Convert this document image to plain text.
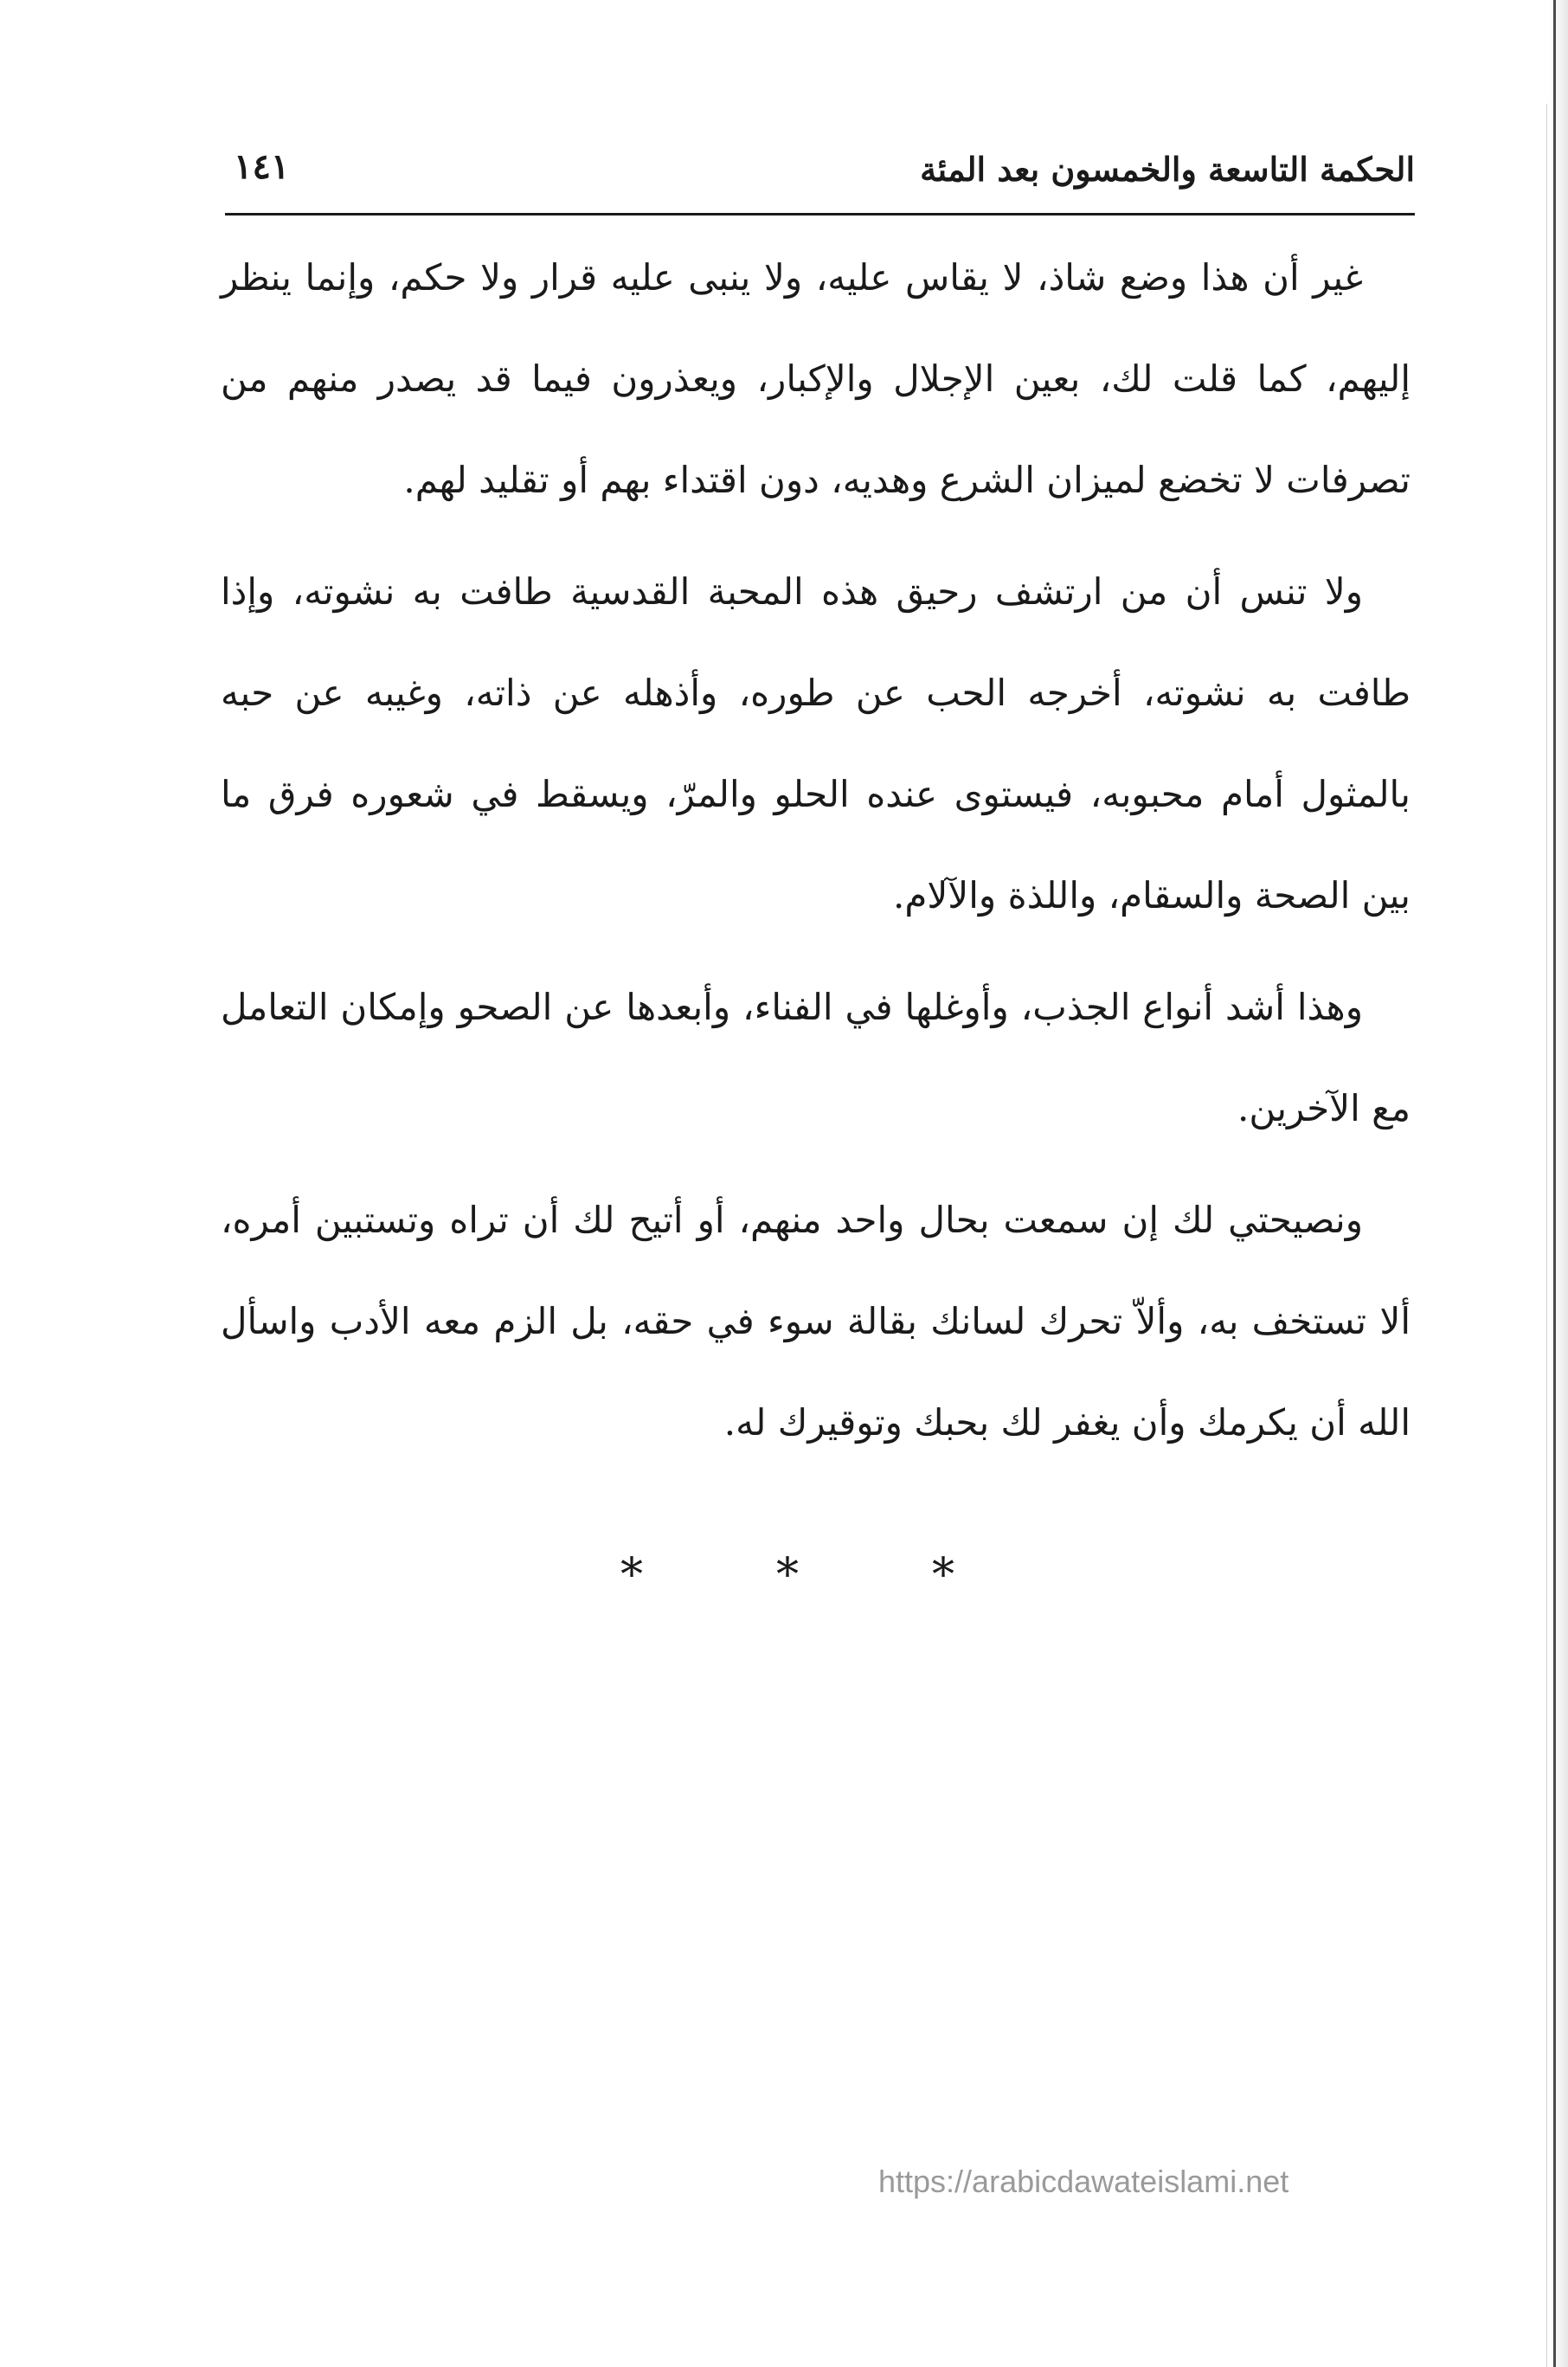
الحكمة التاسعة والخمسون بعد المئة
١٤١

غير أن هذا وضع شاذ، لا يقاس عليه، ولا ينبى عليه قرار ولا حكم، وإنما ينظر إليهم، كما قلت لك، بعين الإجلال والإكبار، ويعذرون فيما قد يصدر منهم من تصرفات لا تخضع لميزان الشرع وهديه، دون اقتداء بهم أو تقليد لهم.

ولا تنس أن من ارتشف رحيق هذه المحبة القدسية طافت به نشوته، وإذا طافت به نشوته، أخرجه الحب عن طوره، وأذهله عن ذاته، وغيبه عن حبه بالمثول أمام محبوبه، فيستوى عنده الحلو والمرّ، ويسقط في شعوره فرق ما بين الصحة والسقام، واللذة والآلام.

وهذا أشد أنواع الجذب، وأوغلها في الفناء، وأبعدها عن الصحو وإمكان التعامل مع الآخرين.

ونصيحتي لك إن سمعت بحال واحد منهم، أو أتيح لك أن تراه وتستبين أمره، ألا تستخف به، وألاّ تحرك لسانك بقالة سوء في حقه، بل الزم معه الأدب واسأل الله أن يكرمك وأن يغفر لك بحبك وتوقيرك له.

*	*	*
https://arabicdawateislami.net
